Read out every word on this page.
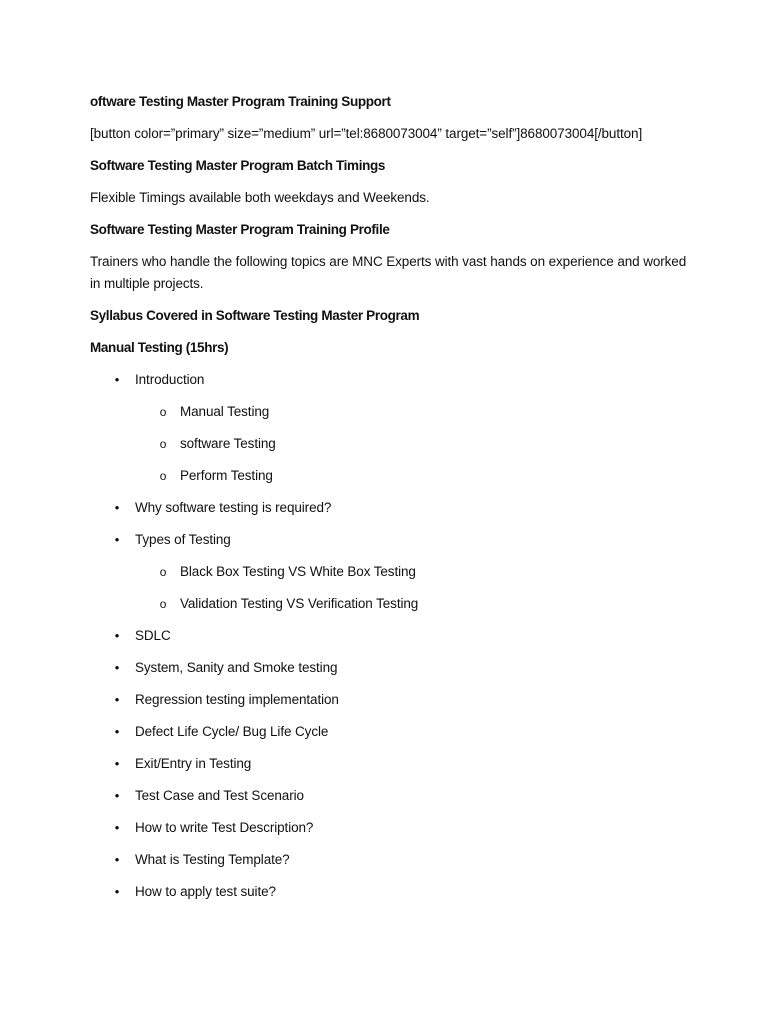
oftware Testing Master Program Training Support
[button color=”primary” size=”medium” url=”tel:8680073004” target=”self”]8680073004[/button]
Software Testing Master Program Batch Timings
Flexible Timings available both weekdays and Weekends.
Software Testing Master Program Training Profile
Trainers who handle the following topics are MNC Experts with vast hands on experience and worked in multiple projects.
Syllabus Covered in Software Testing Master Program
Manual Testing (15hrs)
• Introduction
o Manual Testing
o software Testing
o Perform Testing
• Why software testing is required?
• Types of Testing
o Black Box Testing VS White Box Testing
o Validation Testing VS Verification Testing
• SDLC
• System, Sanity and Smoke testing
• Regression testing implementation
• Defect Life Cycle/ Bug Life Cycle
• Exit/Entry in Testing
• Test Case and Test Scenario
• How to write Test Description?
• What is Testing Template?
• How to apply test suite?
